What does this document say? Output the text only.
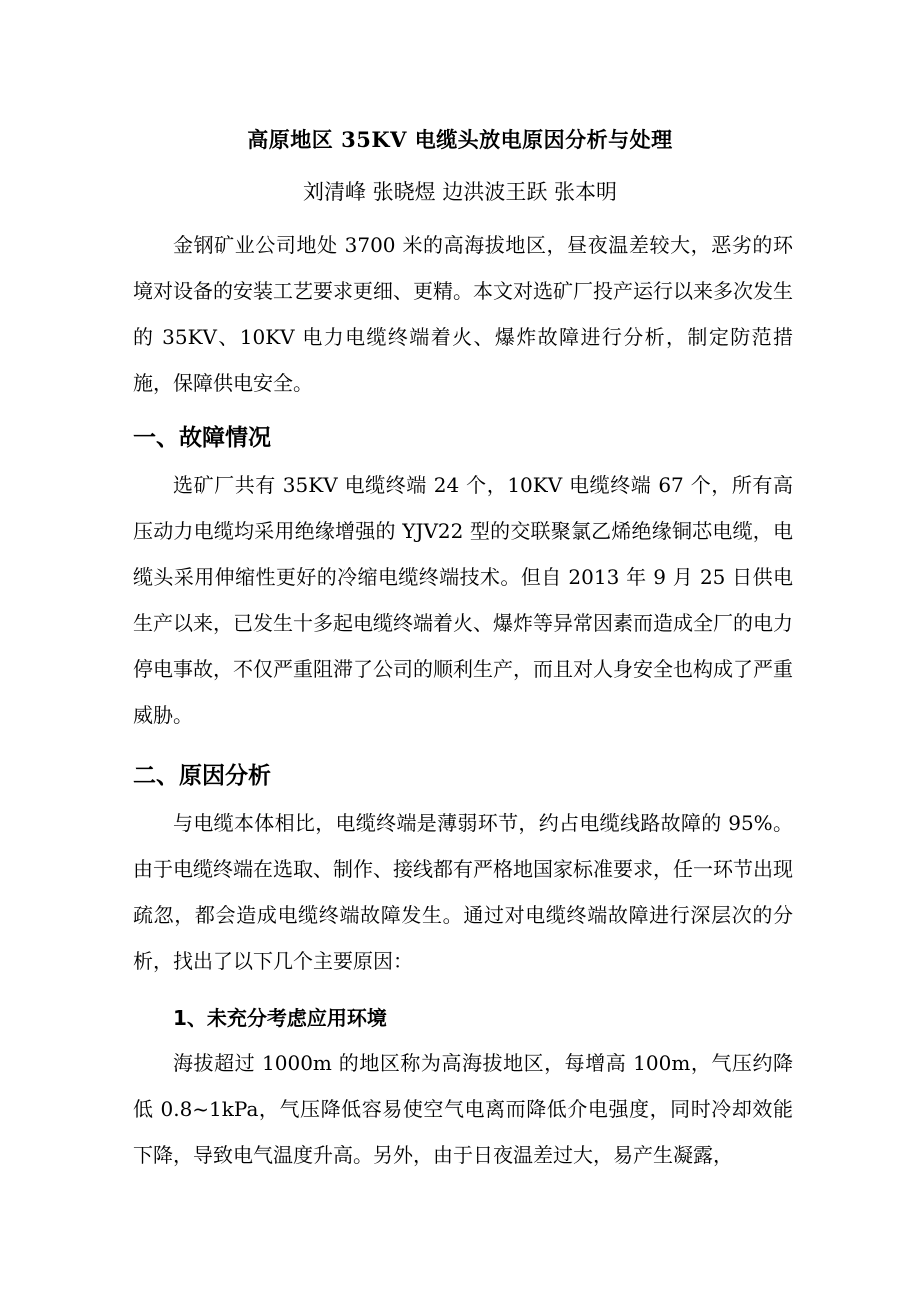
高原地区 35KV 电缆头放电原因分析与处理
刘清峰 张晓煜 边洪波王跃 张本明

金钢矿业公司地处 3700 米的高海拔地区，昼夜温差较大，恶劣的环境对设备的安装工艺要求更细、更精。本文对选矿厂投产运行以来多次发生的 35KV、10KV 电力电缆终端着火、爆炸故障进行分析，制定防范措施，保障供电安全。

一、故障情况

选矿厂共有 35KV 电缆终端 24 个，10KV 电缆终端 67 个，所有高压动力电缆均采用绝缘增强的 YJV22 型的交联聚氯乙烯绝缘铜芯电缆，电缆头采用伸缩性更好的冷缩电缆终端技术。但自 2013 年 9 月 25 日供电生产以来，已发生十多起电缆终端着火、爆炸等异常因素而造成全厂的电力停电事故，不仅严重阻滞了公司的顺利生产，而且对人身安全也构成了严重威胁。

二、原因分析

与电缆本体相比，电缆终端是薄弱环节，约占电缆线路故障的 95%。由于电缆终端在选取、制作、接线都有严格地国家标准要求，任一环节出现疏忽，都会造成电缆终端故障发生。通过对电缆终端故障进行深层次的分析，找出了以下几个主要原因：

1、未充分考虑应用环境

海拔超过 1000m 的地区称为高海拔地区，每增高 100m，气压约降低 0.8~1kPa，气压降低容易使空气电离而降低介电强度，同时冷却效能下降，导致电气温度升高。另外，由于日夜温差过大，易产生凝露，
